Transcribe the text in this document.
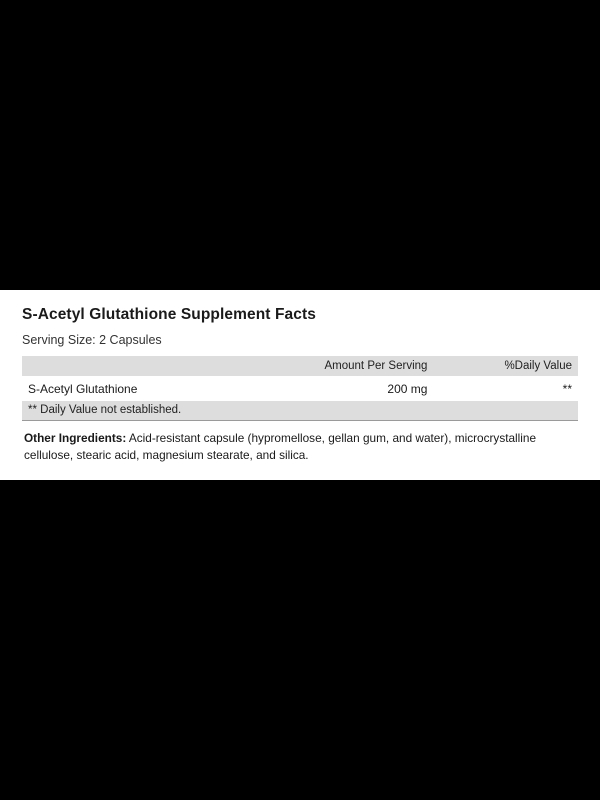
S-Acetyl Glutathione Supplement Facts
Serving Size: 2 Capsules
	Amount Per Serving	%Daily Value
S-Acetyl Glutathione	200 mg	**
** Daily Value not established.		
Other Ingredients: Acid-resistant capsule (hypromellose, gellan gum, and water), microcrystalline cellulose, stearic acid, magnesium stearate, and silica.
